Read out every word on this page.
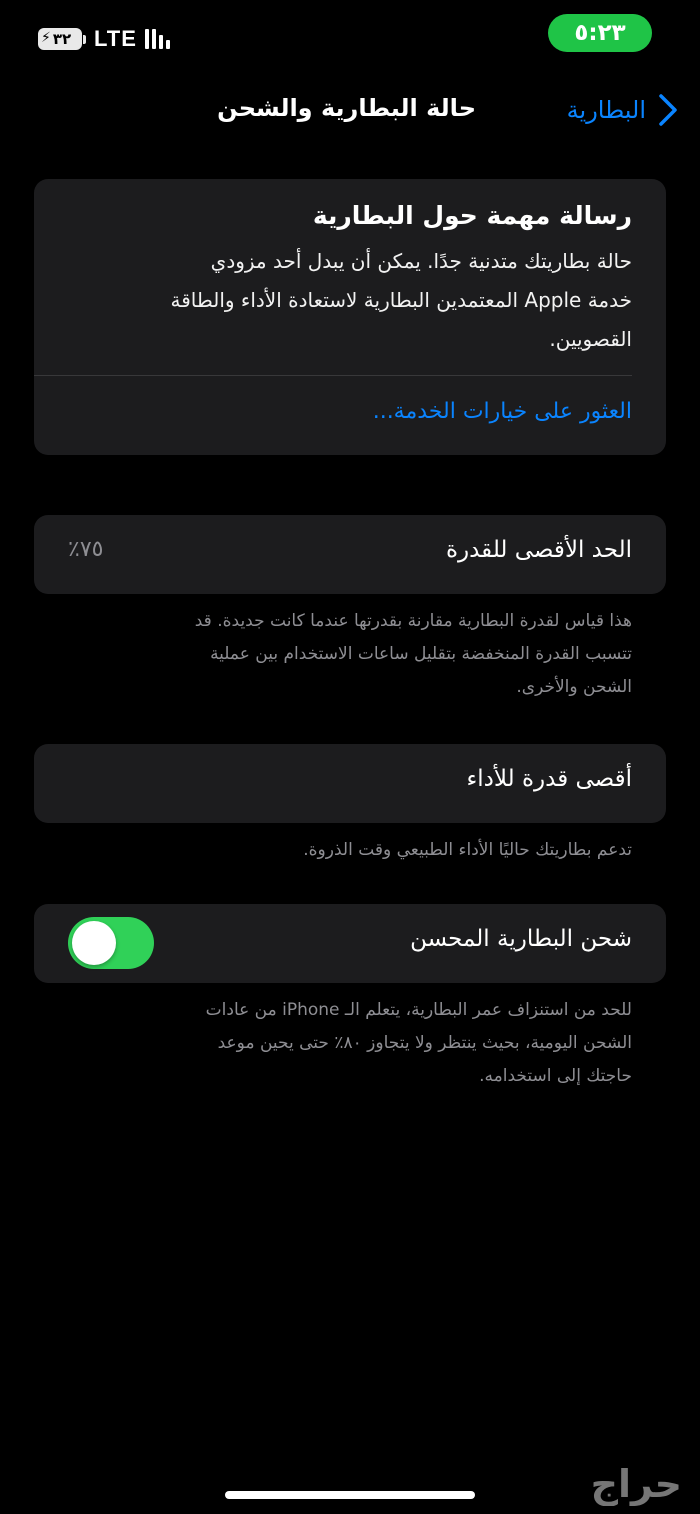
⚡ ٣٢ LTE	٥:٢٣
حالة البطارية والشحن	البطارية
رسالة مهمة حول البطارية
حالة بطاريتك متدنية جدًا. يمكن أن يبدل أحد مزودي
خدمة Apple المعتمدين البطارية لاستعادة الأداء والطاقة
القصويين.
العثور على خيارات الخدمة...
الحد الأقصى للقدرة
٪٧٥
هذا قياس لقدرة البطارية مقارنة بقدرتها عندما كانت جديدة. قد
تتسبب القدرة المنخفضة بتقليل ساعات الاستخدام بين عملية
الشحن والأخرى.
أقصى قدرة للأداء
تدعم بطاريتك حاليًا الأداء الطبيعي وقت الذروة.
شحن البطارية المحسن
للحد من استنزاف عمر البطارية، يتعلم الـ iPhone من عادات
الشحن اليومية، بحيث ينتظر ولا يتجاوز ٨٠٪ حتى يحين موعد
حاجتك إلى استخدامه.
حراج
